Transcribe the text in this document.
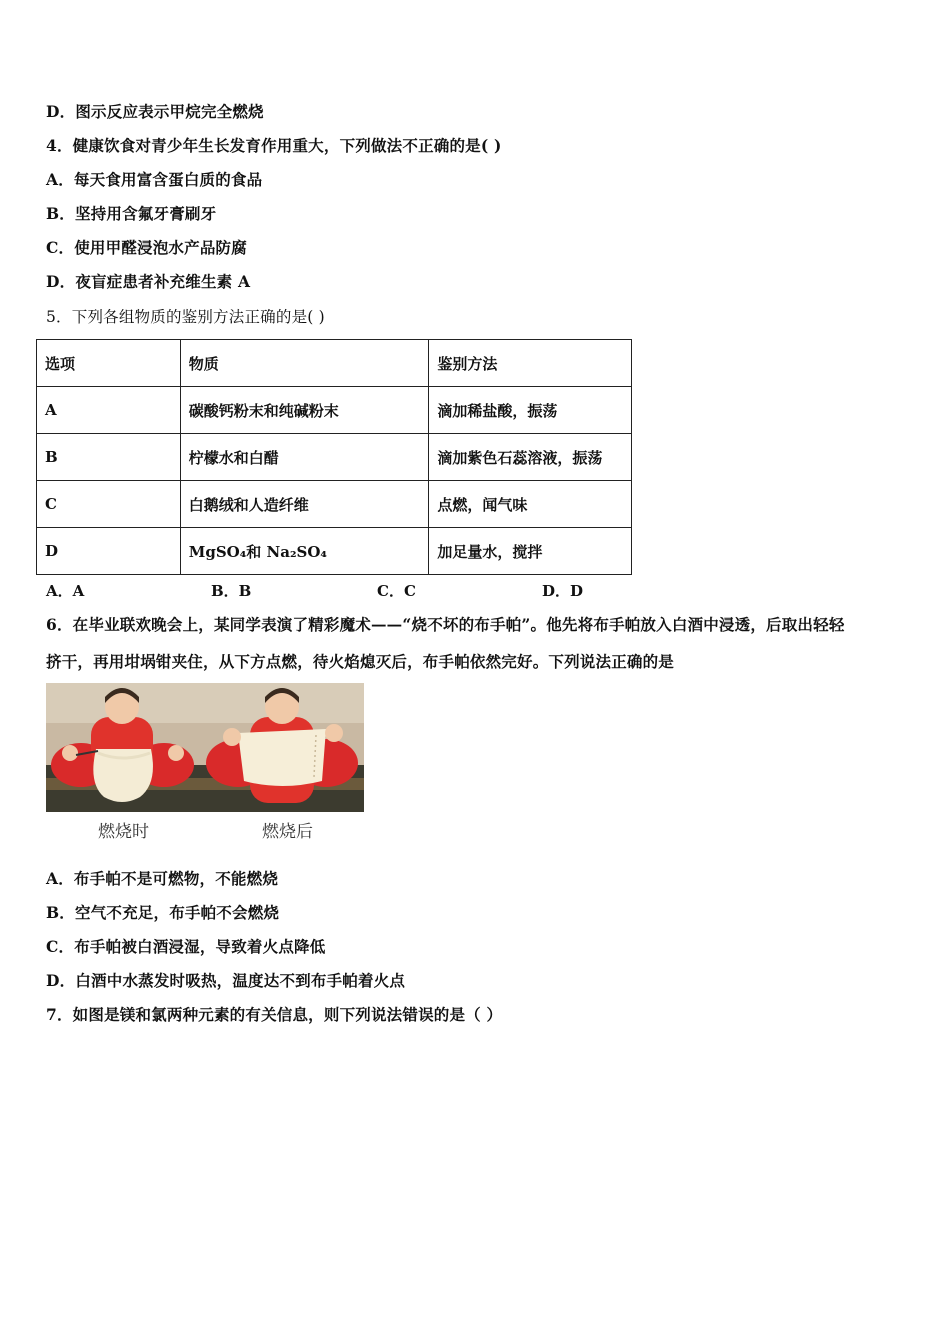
D．图示反应表示甲烷完全燃烧
4．健康饮食对青少年生长发育作用重大，下列做法不正确的是( )
A．每天食用富含蛋白质的食品
B．坚持用含氟牙膏刷牙
C．使用甲醛浸泡水产品防腐
D．夜盲症患者补充维生素 A
5．下列各组物质的鉴别方法正确的是( )
选项	物质	鉴别方法
A	碳酸钙粉末和纯碱粉末	滴加稀盐酸，振荡
B	柠檬水和白醋	滴加紫色石蕊溶液，振荡
C	白鹅绒和人造纤维	点燃，闻气味
D	MgSO₄和 Na₂SO₄	加足量水，搅拌
A．A	B．B	C．C	D．D
6．在毕业联欢晚会上，某同学表演了精彩魔术——“烧不坏的布手帕”。他先将布手帕放入白酒中浸透，后取出轻轻
挤干，再用坩埚钳夹住，从下方点燃，待火焰熄灭后，布手帕依然完好。下列说法正确的是
燃烧时	燃烧后
A．布手帕不是可燃物，不能燃烧
B．空气不充足，布手帕不会燃烧
C．布手帕被白酒浸湿，导致着火点降低
D．白酒中水蒸发时吸热，温度达不到布手帕着火点
7．如图是镁和氯两种元素的有关信息，则下列说法错误的是（ ）
